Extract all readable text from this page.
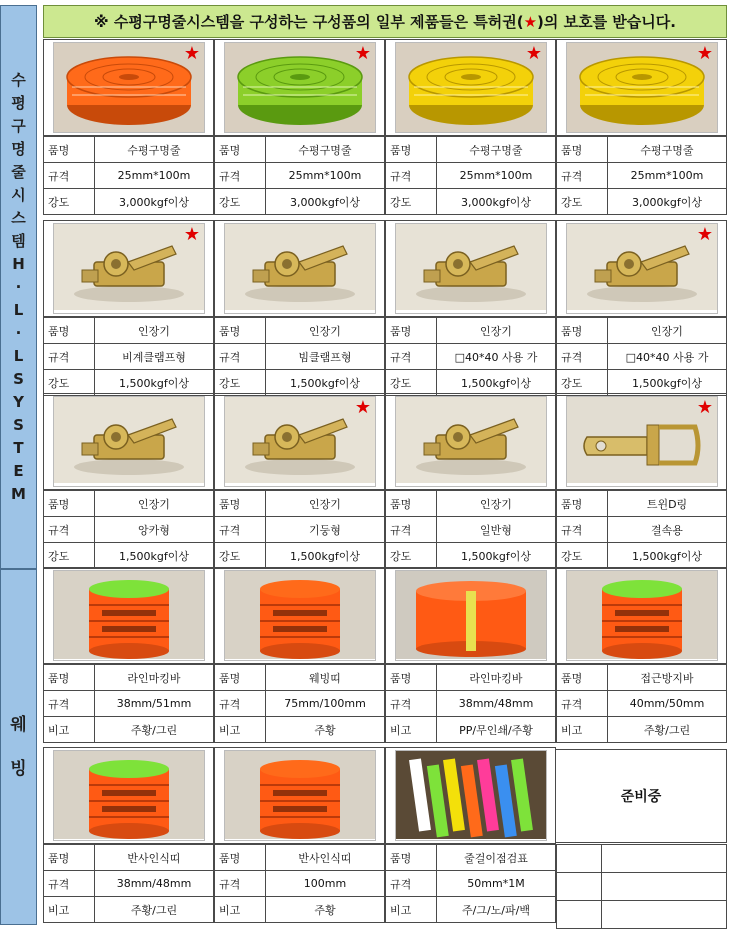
수
평
구
명
줄
시
스
템
H
·
L
·
L
S
Y
S
T
E
M
웨
빙
※ 수평구명줄시스템을 구성하는 구성품의 일부 제품들은 특허권( ★ )의 보호를 받습니다.
★
품명	수평구명줄
규격	25mm*100m
강도	3,000kgf이상
★
품명	수평구명줄
규격	25mm*100m
강도	3,000kgf이상
★
품명	수평구명줄
규격	25mm*100m
강도	3,000kgf이상
★
품명	수평구명줄
규격	25mm*100m
강도	3,000kgf이상
★
품명	인장기
규격	비계클램프형
강도	1,500kgf이상
품명	인장기
규격	빔클램프형
강도	1,500kgf이상
품명	인장기
규격	□40*40 사용 가
강도	1,500kgf이상
★
품명	인장기
규격	□40*40 사용 가
강도	1,500kgf이상
품명	인장기
규격	앙카형
강도	1,500kgf이상
★
품명	인장기
규격	기둥형
강도	1,500kgf이상
품명	인장기
규격	일반형
강도	1,500kgf이상
★
품명	트윈D링
규격	결속용
강도	1,500kgf이상
품명	라인마킹바
규격	38mm/51mm
비고	주황/그린
품명	웨빙띠
규격	75mm/100mm
비고	주황
품명	라인마킹바
규격	38mm/48mm
비고	PP/무인쇄/주황
품명	접근방지바
규격	40mm/50mm
비고	주황/그린
품명	반사인식띠
규격	38mm/48mm
비고	주황/그린
품명	반사인식띠
규격	100mm
비고	주황
품명	줄걸이점검표
규격	50mm*1M
비고	주/그/노/파/백

준비중
